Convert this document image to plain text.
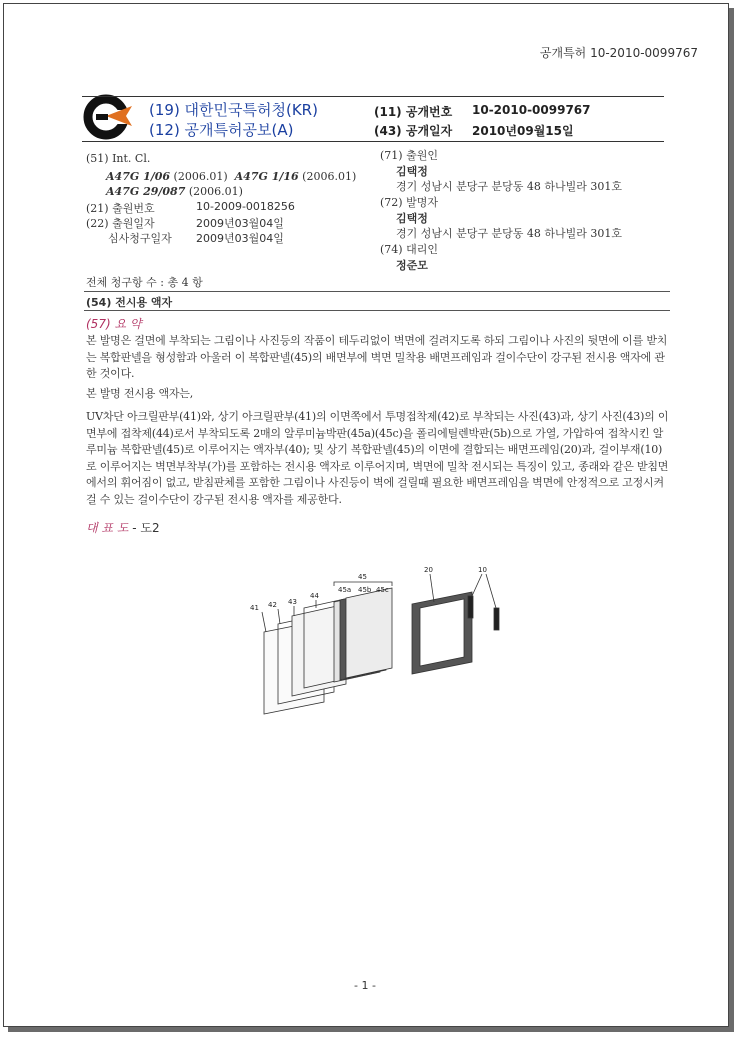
공개특허 10-2010-0099767
(19) 대한민국특허청(KR)
(12) 공개특허공보(A)
(11) 공개번호 10-2010-0099767
(43) 공개일자 2010년09월15일
(51) Int. Cl.
A47G 1/06 (2006.01) A47G 1/16 (2006.01)
A47G 29/087 (2006.01)
(21) 출원번호	10-2009-0018256
(22) 출원일자	2009년03월04일
심사청구일자 2009년03월04일
(71) 출원인
김택정
경기 성남시 분당구 분당동 48 하나빌라 301호
(72) 발명자
김택정
경기 성남시 분당구 분당동 48 하나빌라 301호
(74) 대리인
정준모
전체 청구항 수 : 총 4 항
(54) 전시용 액자
(57) 요 약
본 발명은 걸면에 부착되는 그림이나 사진등의 작품이 테두리없이 벽면에 걸려지도록 하되 그림이나 사진의 뒷면에 이를 받치는 복합판넬을 형성함과 아울러 이 복합판넬(45)의 배면부에 벽면 밀착용 배면프레임과 걸이수단이 강구된 전시용 액자에 관한 것이다.
본 발명 전시용 액자는,
UV차단 아크릴판부(41)와, 상기 아크릴판부(41)의 이면쪽에서 투명접착제(42)로 부착되는 사진(43)과, 상기 사진(43)의 이면부에 접착제(44)로서 부착되도록 2매의 알루미늄박판(45a)(45c)을 폴리에틸렌박판(5b)으로 가열, 가압하여 접착시킨 알루미늄 복합판넬(45)로 이루어지는 액자부(40); 및 상기 복합판넬(45)의 이면에 결합되는 배면프레임(20)과, 걸이부재(10)로 이루어지는 벽면부착부(가)를 포함하는 전시용 액자로 이루어지며, 벽면에 밀착 전시되는 특징이 있고, 종래와 같은 받침면에서의 휘어짐이 없고, 받침판체를 포함한 그림이나 사진등이 벽에 걸릴때 필요한 배면프레임을 벽면에 안정적으로 고정시켜 걸 수 있는 걸이수단이 강구된 전시용 액자를 제공한다.
대 표 도 - 도2
41 42 43
44
45
45a 45b 45c
20	10
- 1 -
